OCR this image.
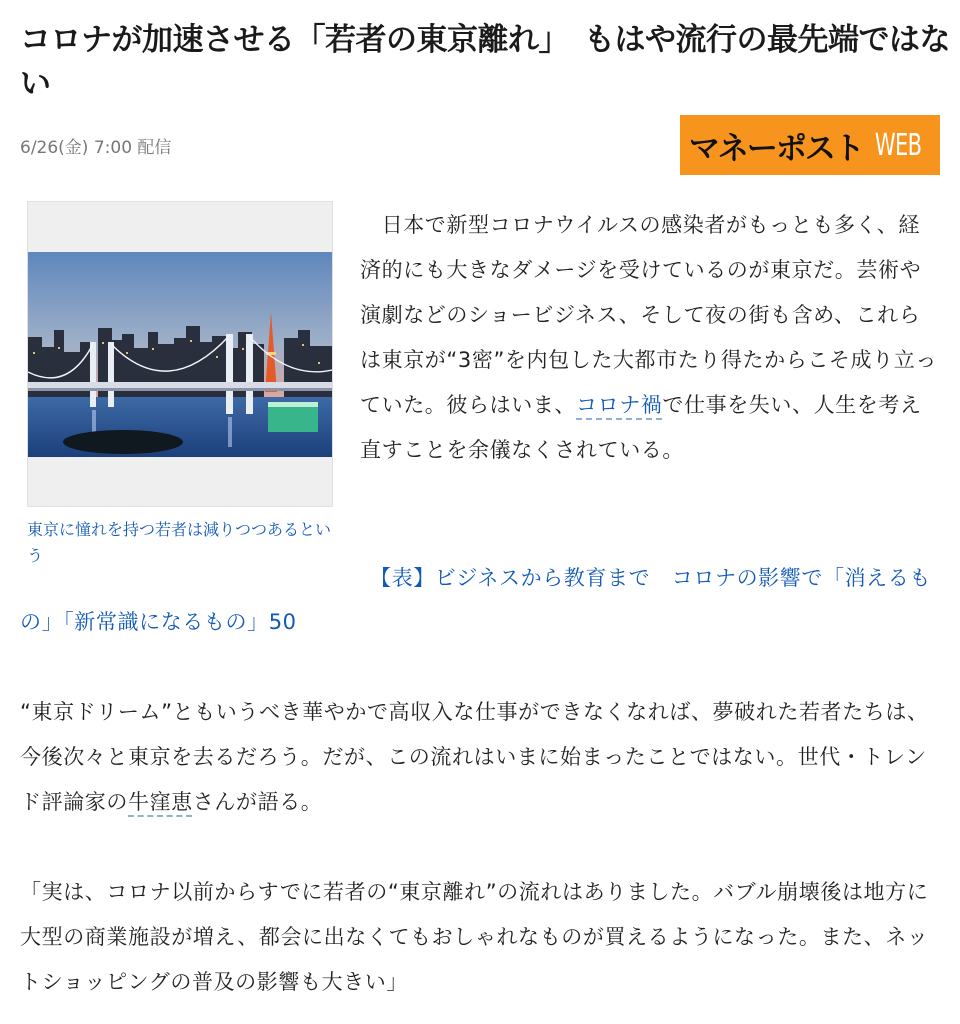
コロナが加速させる「若者の東京離れ」　もはや流行の最先端ではない
6/26(金) 7:00 配信	マネーポスト WEB
東京に憧れを持つ若者は減りつつあるという

　日本で新型コロナウイルスの感染者がもっとも多く、経済的にも大きなダメージを受けているのが東京だ。芸術や演劇などのショービジネス、そして夜の街も含め、これらは東京が“3密”を内包した大都市たり得たからこそ成り立っていた。彼らはいま、コロナ禍で仕事を失い、人生を考え直すことを余儀なくされている。

【表】ビジネスから教育まで　コロナの影響で「消えるもの」「新常識になるもの」50

“東京ドリーム”ともいうべき華やかで高収入な仕事ができなくなれば、夢破れた若者たちは、今後次々と東京を去るだろう。だが、この流れはいまに始まったことではない。世代・トレンド評論家の牛窪恵さんが語る。

「実は、コロナ以前からすでに若者の“東京離れ”の流れはありました。バブル崩壊後は地方に大型の商業施設が増え、都会に出なくてもおしゃれなものが買えるようになった。また、ネットショッピングの普及の影響も大きい」
